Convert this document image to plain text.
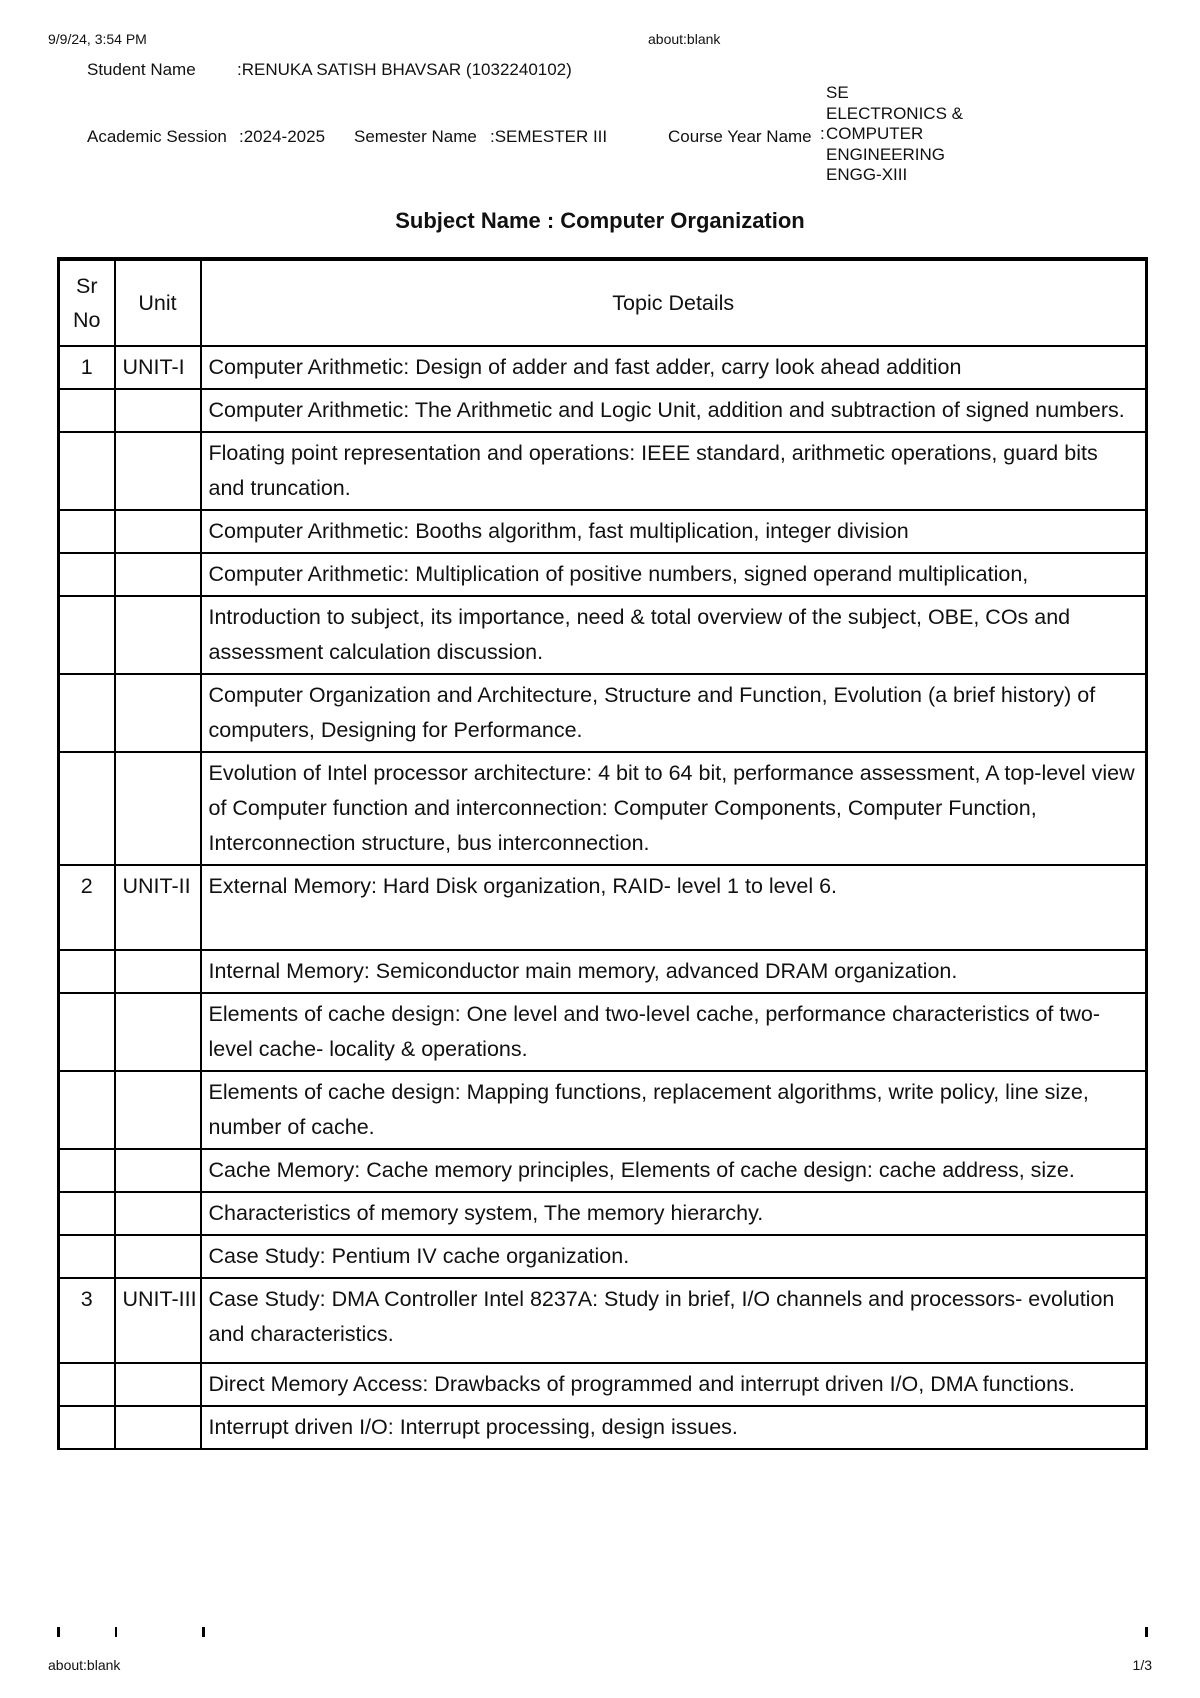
9/9/24, 3:54 PM	about:blank
Student Name :RENUKA SATISH BHAVSAR (1032240102)
Academic Session :2024-2025 Semester Name :SEMESTER III	Course Year Name
SE
ELECTRONICS &
: COMPUTER
ENGINEERING
ENGG-XIII
Subject Name : Computer Organization
Sr No	Unit	Topic Details
1	UNIT-I	Computer Arithmetic: Design of adder and fast adder, carry look ahead addition
		Computer Arithmetic: The Arithmetic and Logic Unit, addition and subtraction of signed numbers.
		Floating point representation and operations: IEEE standard, arithmetic operations, guard bits and truncation.
		Computer Arithmetic: Booths algorithm, fast multiplication, integer division
		Computer Arithmetic: Multiplication of positive numbers, signed operand multiplication,
		Introduction to subject, its importance, need & total overview of the subject, OBE, COs and assessment calculation discussion.
		Computer Organization and Architecture, Structure and Function, Evolution (a brief history) of computers, Designing for Performance.
		Evolution of Intel processor architecture: 4 bit to 64 bit, performance assessment, A top-level view of Computer function and interconnection: Computer Components, Computer Function, Interconnection structure, bus interconnection.
2	UNIT-II	External Memory: Hard Disk organization, RAID- level 1 to level 6.
		Internal Memory: Semiconductor main memory, advanced DRAM organization.
		Elements of cache design: One level and two-level cache, performance characteristics of two-level cache- locality & operations.
		Elements of cache design: Mapping functions, replacement algorithms, write policy, line size, number of cache.
		Cache Memory: Cache memory principles, Elements of cache design: cache address, size.
		Characteristics of memory system, The memory hierarchy.
		Case Study: Pentium IV cache organization.
3	UNIT-III	Case Study: DMA Controller Intel 8237A: Study in brief, I/O channels and processors- evolution and characteristics.
		Direct Memory Access: Drawbacks of programmed and interrupt driven I/O, DMA functions.
		Interrupt driven I/O: Interrupt processing, design issues.
about:blank	1/3
